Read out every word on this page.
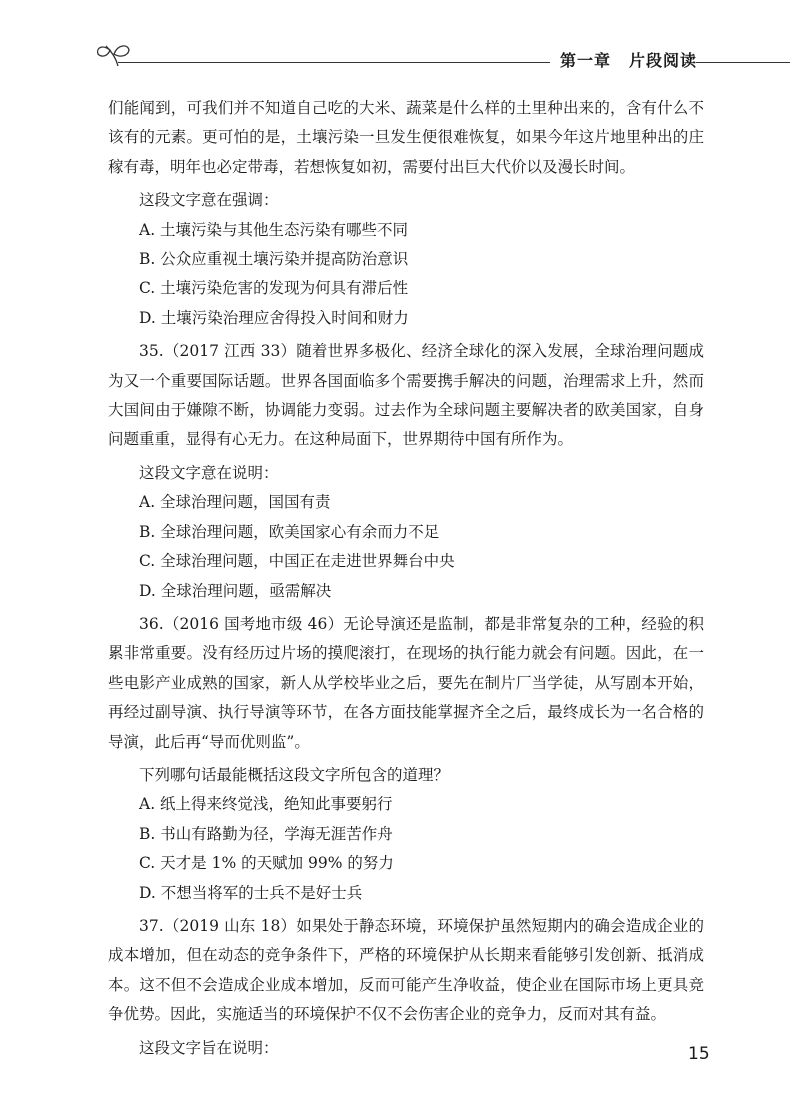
第一章 片段阅读

们能闻到，可我们并不知道自己吃的大米、蔬菜是什么样的土里种出来的，含有什么不该有的元素。更可怕的是，土壤污染一旦发生便很难恢复，如果今年这片地里种出的庄稼有毒，明年也必定带毒，若想恢复如初，需要付出巨大代价以及漫长时间。

这段文字意在强调：

A. 土壤污染与其他生态污染有哪些不同

B. 公众应重视土壤污染并提高防治意识

C. 土壤污染危害的发现为何具有滞后性

D. 土壤污染治理应舍得投入时间和财力

35.（2017 江西 33）随着世界多极化、经济全球化的深入发展，全球治理问题成为又一个重要国际话题。世界各国面临多个需要携手解决的问题，治理需求上升，然而大国间由于嫌隙不断，协调能力变弱。过去作为全球问题主要解决者的欧美国家，自身问题重重，显得有心无力。在这种局面下，世界期待中国有所作为。

这段文字意在说明：

A. 全球治理问题，国国有责

B. 全球治理问题，欧美国家心有余而力不足

C. 全球治理问题，中国正在走进世界舞台中央

D. 全球治理问题，亟需解决

36.（2016 国考地市级 46）无论导演还是监制，都是非常复杂的工种，经验的积累非常重要。没有经历过片场的摸爬滚打，在现场的执行能力就会有问题。因此，在一些电影产业成熟的国家，新人从学校毕业之后，要先在制片厂当学徒，从写剧本开始，再经过副导演、执行导演等环节，在各方面技能掌握齐全之后，最终成长为一名合格的导演，此后再“导而优则监”。

下列哪句话最能概括这段文字所包含的道理？

A. 纸上得来终觉浅，绝知此事要躬行

B. 书山有路勤为径，学海无涯苦作舟

C. 天才是 1% 的天赋加 99% 的努力

D. 不想当将军的士兵不是好士兵

37.（2019 山东 18）如果处于静态环境，环境保护虽然短期内的确会造成企业的成本增加，但在动态的竞争条件下，严格的环境保护从长期来看能够引发创新、抵消成本。这不但不会造成企业成本增加，反而可能产生净收益，使企业在国际市场上更具竞争优势。因此，实施适当的环境保护不仅不会伤害企业的竞争力，反而对其有益。

这段文字旨在说明：	15
